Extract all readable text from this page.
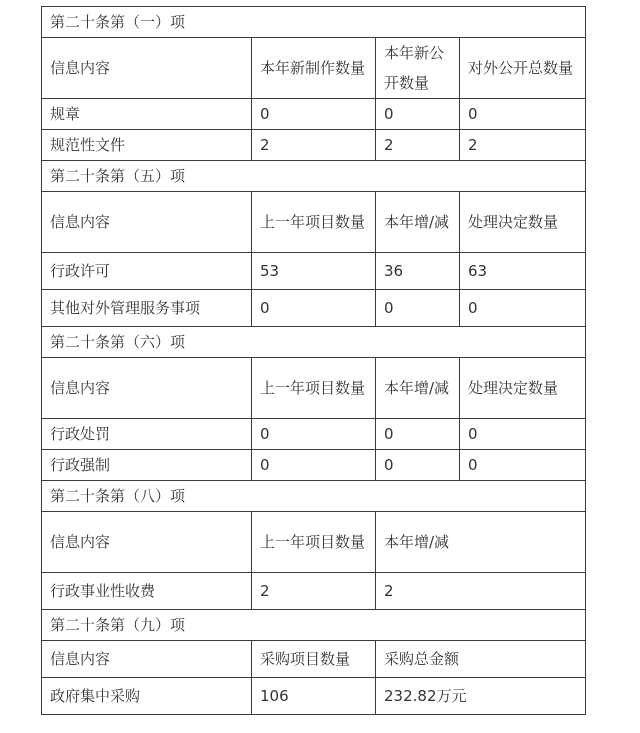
第二十条第（一）项			
信息内容	本年新制作数量	本年新公开数量	对外公开总数量
规章	0	0	0
规范性文件	2	2	2
第二十条第（五）项			
信息内容	上一年项目数量	本年增/减	处理决定数量
行政许可	53	36	63
其他对外管理服务事项	0	0	0
第二十条第（六）项			
信息内容	上一年项目数量	本年增/减	处理决定数量
行政处罚	0	0	0
行政强制	0	0	0
第二十条第（八）项			
信息内容	上一年项目数量	本年增/减	
行政事业性收费	2	2	
第二十条第（九）项			
信息内容	采购项目数量	采购总金额	
政府集中采购	106	232.82万元	
